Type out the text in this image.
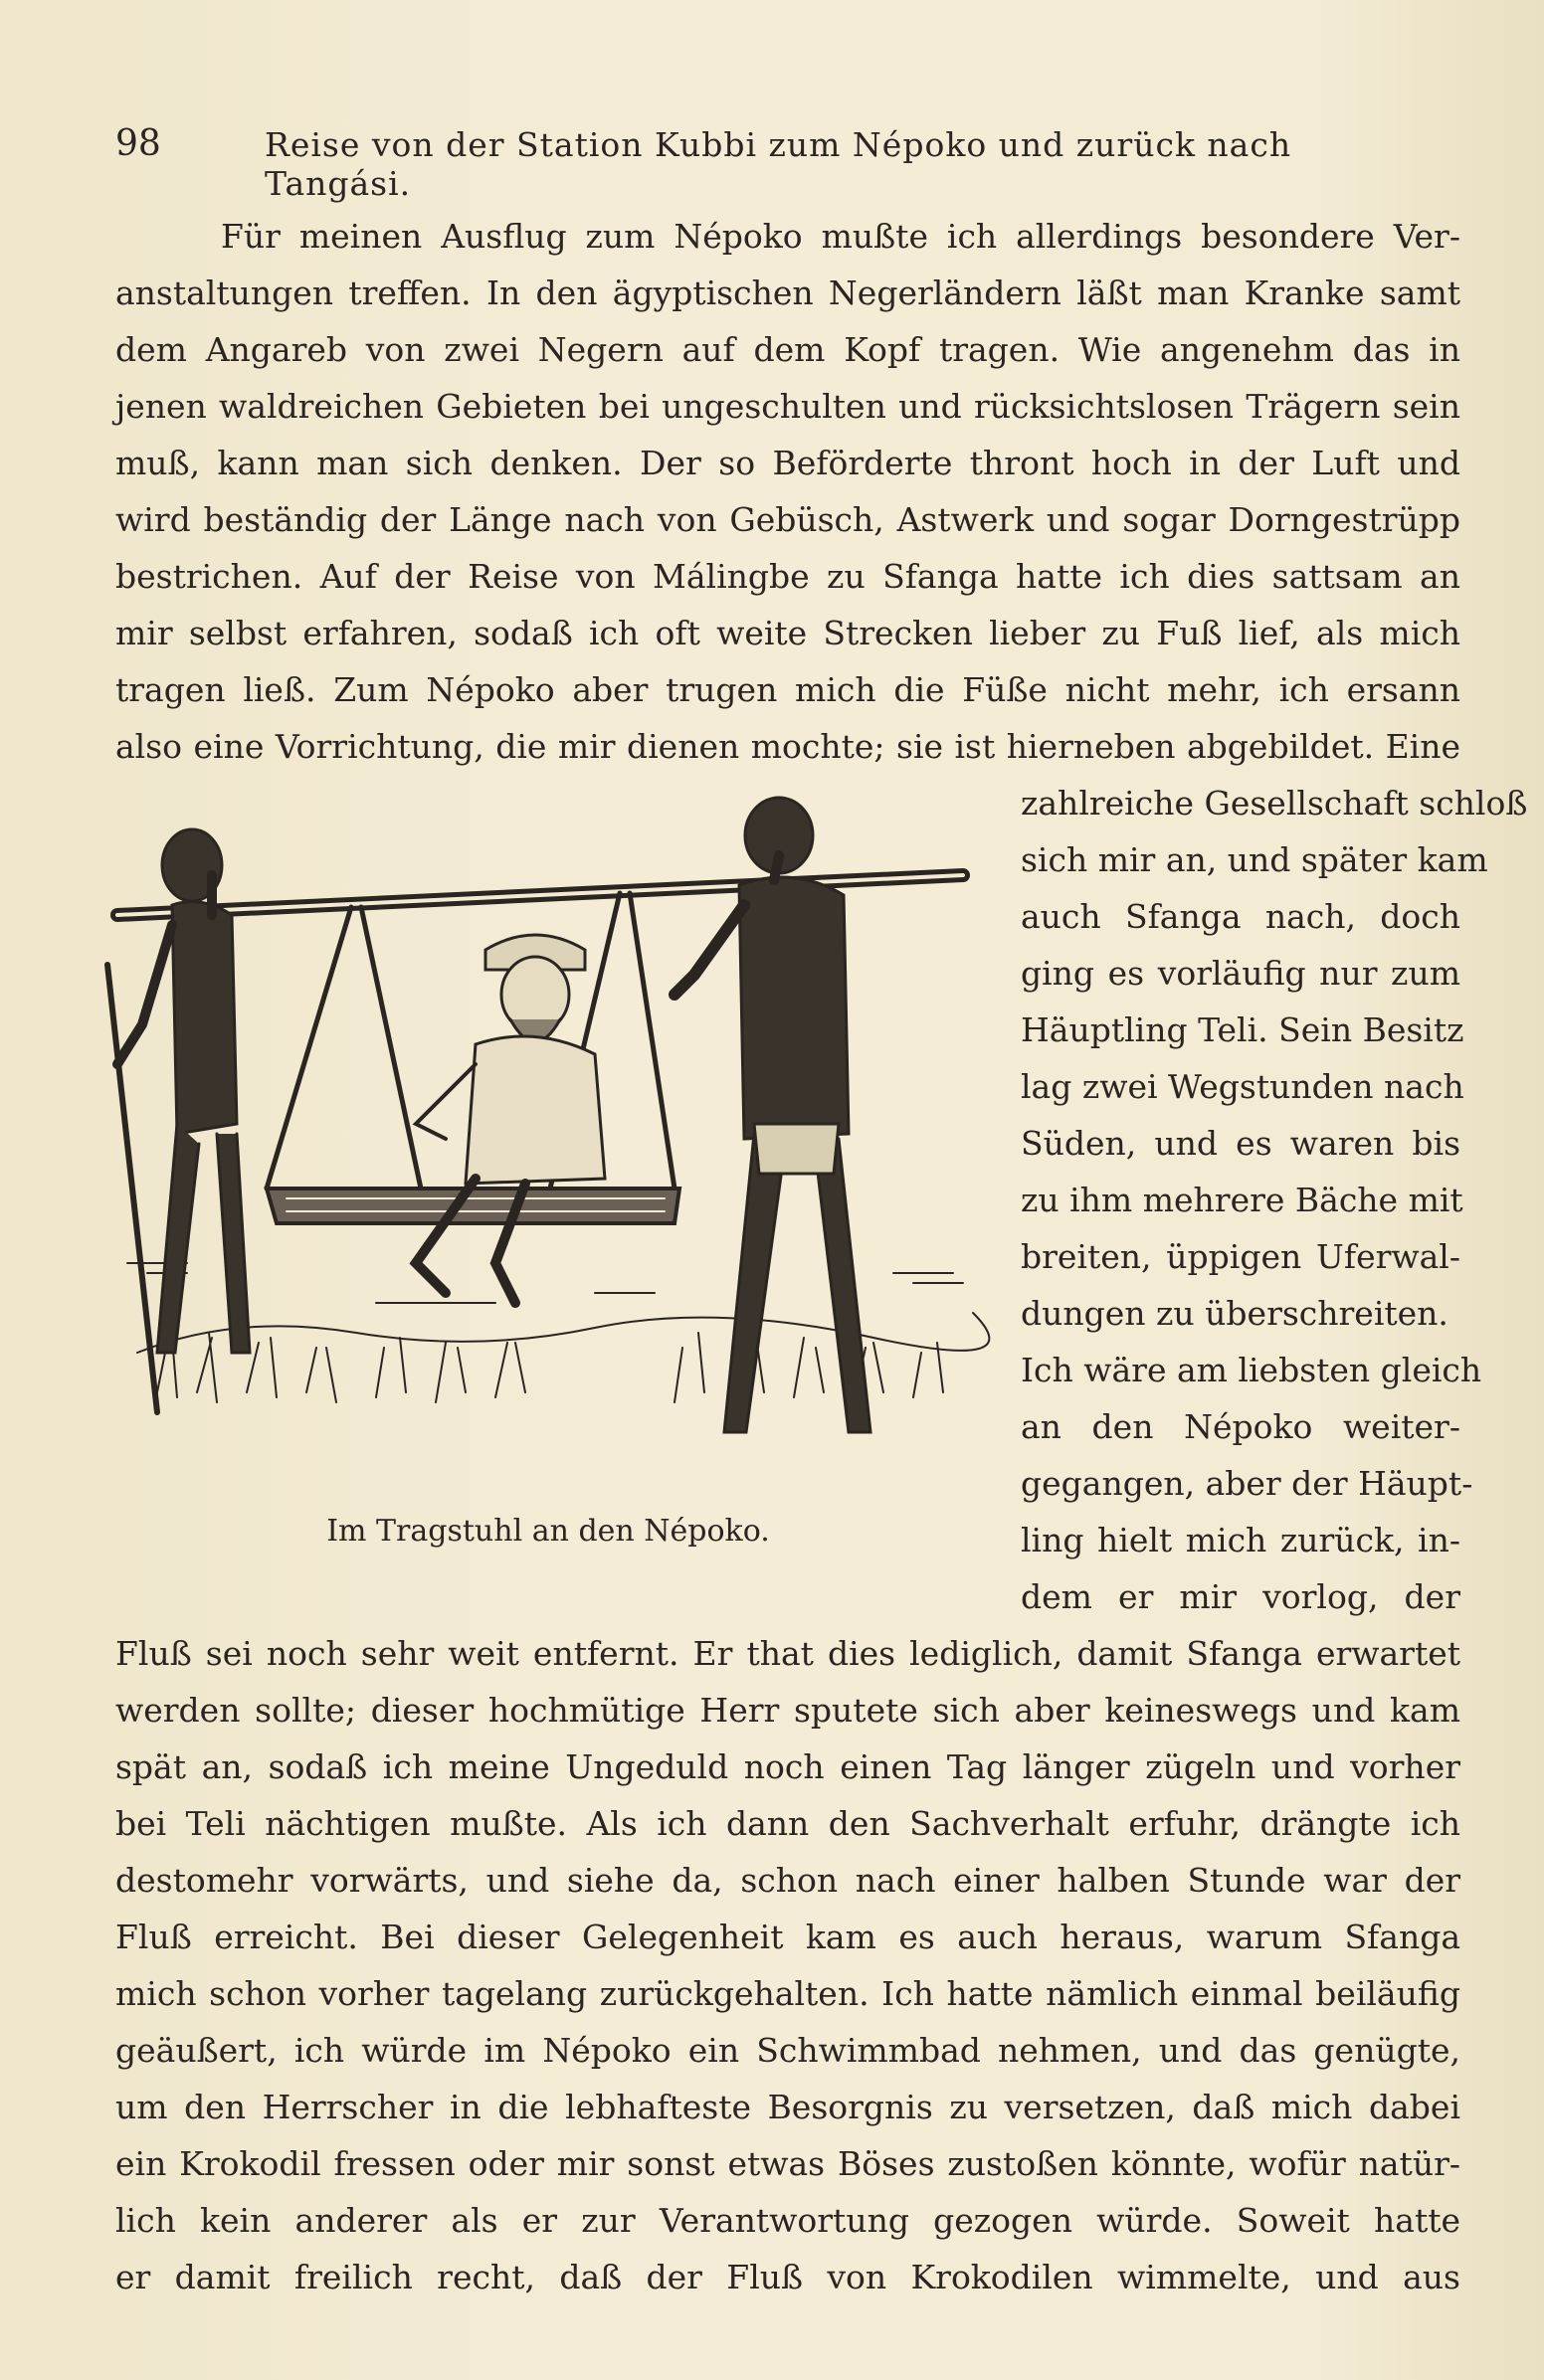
98	Reise von der Station Kubbi zum Népoko und zurück nach Tangási.
Für meinen Ausflug zum Népoko mußte ich allerdings besondere Ver-
anstaltungen treffen. In den ägyptischen Negerländern läßt man Kranke samt
dem Angareb von zwei Negern auf dem Kopf tragen. Wie angenehm das in
jenen waldreichen Gebieten bei ungeschulten und rücksichtslosen Trägern sein
muß, kann man sich denken. Der so Beförderte thront hoch in der Luft und
wird beständig der Länge nach von Gebüsch, Astwerk und sogar Dorngestrüpp
bestrichen. Auf der Reise von Málingbe zu Sfanga hatte ich dies sattsam an
mir selbst erfahren, sodaß ich oft weite Strecken lieber zu Fuß lief, als mich
tragen ließ. Zum Népoko aber trugen mich die Füße nicht mehr, ich ersann
also eine Vorrichtung, die mir dienen mochte; sie ist hierneben abgebildet. Eine
zahlreiche Gesellschaft schloß
sich mir an, und später kam
auch Sfanga nach, doch
ging es vorläufig nur zum
Häuptling Teli. Sein Besitz
lag zwei Wegstunden nach
Süden, und es waren bis
zu ihm mehrere Bäche mit
breiten, üppigen Uferwal-
dungen zu überschreiten.
Ich wäre am liebsten gleich
an den Népoko weiter-
gegangen, aber der Häupt-
ling hielt mich zurück, in-
dem er mir vorlog, der
Im Tragstuhl an den Népoko.
Fluß sei noch sehr weit entfernt. Er that dies lediglich, damit Sfanga erwartet
werden sollte; dieser hochmütige Herr sputete sich aber keineswegs und kam
spät an, sodaß ich meine Ungeduld noch einen Tag länger zügeln und vorher
bei Teli nächtigen mußte. Als ich dann den Sachverhalt erfuhr, drängte ich
destomehr vorwärts, und siehe da, schon nach einer halben Stunde war der
Fluß erreicht. Bei dieser Gelegenheit kam es auch heraus, warum Sfanga
mich schon vorher tagelang zurückgehalten. Ich hatte nämlich einmal beiläufig
geäußert, ich würde im Népoko ein Schwimmbad nehmen, und das genügte,
um den Herrscher in die lebhafteste Besorgnis zu versetzen, daß mich dabei
ein Krokodil fressen oder mir sonst etwas Böses zustoßen könnte, wofür natür-
lich kein anderer als er zur Verantwortung gezogen würde. Soweit hatte
er damit freilich recht, daß der Fluß von Krokodilen wimmelte, und aus
